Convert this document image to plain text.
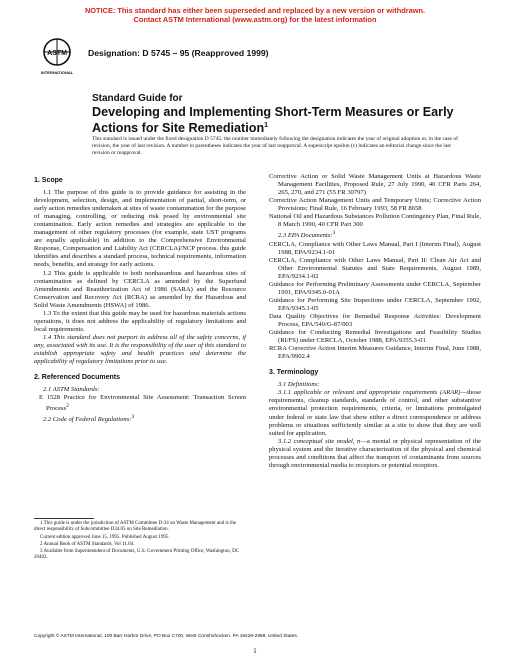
NOTICE: This standard has either been superseded and replaced by a new version or withdrawn.
Contact ASTM International (www.astm.org) for the latest information
ASTM
INTERNATIONAL
Designation: D 5745 – 95 (Reapproved 1999)
Standard Guide for
Developing and Implementing Short-Term Measures or Early
Actions for Site Remediation$^1$
This standard is issued under the fixed designation D 5745; the number immediately following the designation indicates the year of original adoption or, in the case of revision, the year of last revision. A number in parentheses indicates the year of last reapproval. A superscript epsilon (ε) indicates an editorial change since the last revision or reapproval.
1. Scope

1.1 The purpose of this guide is to provide guidance for assisting in the development, selection, design, and implementation of partial, short-term, or early action remedies undertaken at sites of waste contamination for the purpose of managing, controlling, or reducing risk posed by environmental site contamination. Early action remedies and strategies are applicable to the management of other regulatory processes (for example, state UST programs are equally applicable) in addition to the Comprehensive Environmental Response, Compensation and Liability Act (CERCLA)/NCP process. this guide identifies and describes a standard process, technical requirements, information needs, benefits, and strategy for early actions.

1.2 This guide is applicable to both nonhazardous and hazardous sites of contamination as defined by CERCLA as amended by the Superfund Amendments and Reauthorization Act of 1986 (SARA) and the Resource Conservation and Recovery Act (RCRA) as amended by the Hazardous and Solid Waste Amendments (HSWA) of 1986.

1.3 To the extent that this guide may be used for hazardous materials actions operations, it does not address the applicability of regulatory limitations and local requirements.

1.4 This standard does not purport to address all of the safety concerns, if any, associated with its use. It is the responsibility of the user of this standard to establish appropriate safety and health practices and determine the applicability of regulatory limitations prior to use.

2. Referenced Documents

2.1 ASTM Standards:

E 1528 Practice for Environmental Site Assessment: Transaction Screen Process$^2$

2.2 Code of Federal Regulations:$^3$

1 This guide is under the jurisdiction of ASTM Committee D-34 on Waste Management and is the direct responsibility of Subcommittee D34.05 on Site Remediation.
Current edition approved June 15, 1995. Published August 1995.
2 Annual Book of ASTM Standards, Vol 11.04.
3 Available from Superintendent of Documents, U.S. Government Printing Office, Washington, DC 20402.
Corrective Action or Solid Waste Management Units at Hazardous Waste Management Facilities, Proposed Rule, 27 July 1990, 40 CFR Parts 264, 265, 270, and 271 (55 FR 30797)
Corrective Action Management Units and Temporary Units; Corrective Action Provisions; Final Rule, 16 February 1993, 58 FR 8658
National Oil and Hazardous Substances Pollution Contingency Plan, Final Rule, 8 March 1990, 40 CFR Part 300

2.3 EPA Documents:$^3$

CERCLA, Compliance with Other Laws Manual, Part I (Interim Final), August 1988, EPA/9234.1-01
CERCLA, Compliance with Other Laws Manual, Part II: Clean Air Act and Other Environmental Statutes and State Requirements, August 1989, EPA/9234.1-02
Guidance for Performing Preliminary Assessments under CERCLA, September 1991, EPA/9345.0-01A
Guidance for Performing Site Inspections under CERCLA, September 1992, EPA/9345.1-05
Data Quality Objectives for Remedial Response Activities: Development Process, EPA/540/G-87/003
Guidance for Conducting Remedial Investigations and Feasibility Studies (RI/FS) under CERCLA, October 1988, EPA/9355.3-01
RCRA Corrective Action Interim Measures Guidance, Interim Final, June 1988, EPA/9902.4
3. Terminology

3.1 Definitions:

3.1.1 applicable or relevant and appropriate requirements (ARAR)—those requirements, cleanup standards, standards of control, and other substantive environmental protection requirements, criteria, or limitations promulgated under federal or state law that show either a direct correspondence or address problems or situations sufficiently similar at a site to show that they are well suited for application.

3.1.2 conceptual site model, n—a mental or physical representation of the physical system and the iterative characterization of the physical and chemical processes and conditions that affect the transport of contaminants from sources through environmental media to receptors or potential receptors.

Copyright © ASTM International, 100 Barr Harbor Drive, PO Box C700, West Conshohocken, PA 19428-2959, United States.
1
